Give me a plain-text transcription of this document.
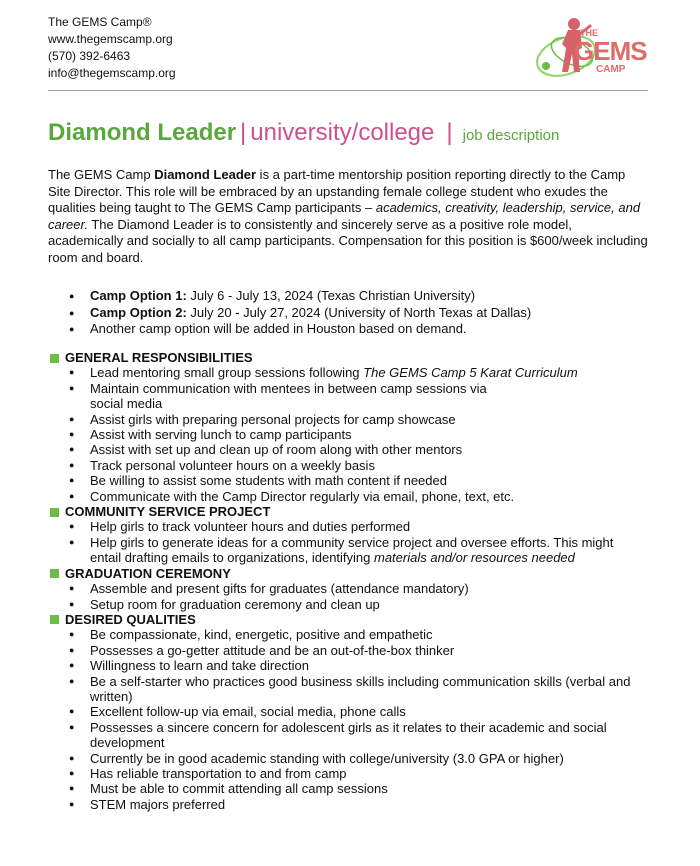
The GEMS Camp®
www.thegemscamp.org
(570) 392-6463
info@thegemscamp.org
THE
GEMS
CAMP
Diamond Leader | university/college | job description
The GEMS Camp Diamond Leader is a part-time mentorship position reporting directly to the Camp Site Director. This role will be embraced by an upstanding female college student who exudes the qualities being taught to The GEMS Camp participants – academics, creativity, leadership, service, and career. The Diamond Leader is to consistently and sincerely serve as a positive role model, academically and socially to all camp participants. Compensation for this position is $600/week including room and board.
● Camp Option 1: July 6 - July 13, 2024 (Texas Christian University)
● Camp Option 2: July 20 - July 27, 2024 (University of North Texas at Dallas)
● Another camp option will be added in Houston based on demand.
GENERAL RESPONSIBILITIES
● Lead mentoring small group sessions following The GEMS Camp 5 Karat Curriculum
● Maintain communication with mentees in between camp sessions via social media
● Assist girls with preparing personal projects for camp showcase
● Assist with serving lunch to camp participants
● Assist with set up and clean up of room along with other mentors
● Track personal volunteer hours on a weekly basis
● Be willing to assist some students with math content if needed
● Communicate with the Camp Director regularly via email, phone, text, etc.
COMMUNITY SERVICE PROJECT
● Help girls to track volunteer hours and duties performed
● Help girls to generate ideas for a community service project and oversee efforts. This might entail drafting emails to organizations, identifying materials and/or resources needed
GRADUATION CEREMONY
● Assemble and present gifts for graduates (attendance mandatory)
● Setup room for graduation ceremony and clean up
DESIRED QUALITIES
● Be compassionate, kind, energetic, positive and empathetic
● Possesses a go-getter attitude and be an out-of-the-box thinker
● Willingness to learn and take direction
● Be a self-starter who practices good business skills including communication skills (verbal and written)
● Excellent follow-up via email, social media, phone calls
● Possesses a sincere concern for adolescent girls as it relates to their academic and social development
● Currently be in good academic standing with college/university (3.0 GPA or higher)
● Has reliable transportation to and from camp
● Must be able to commit attending all camp sessions
● STEM majors preferred
